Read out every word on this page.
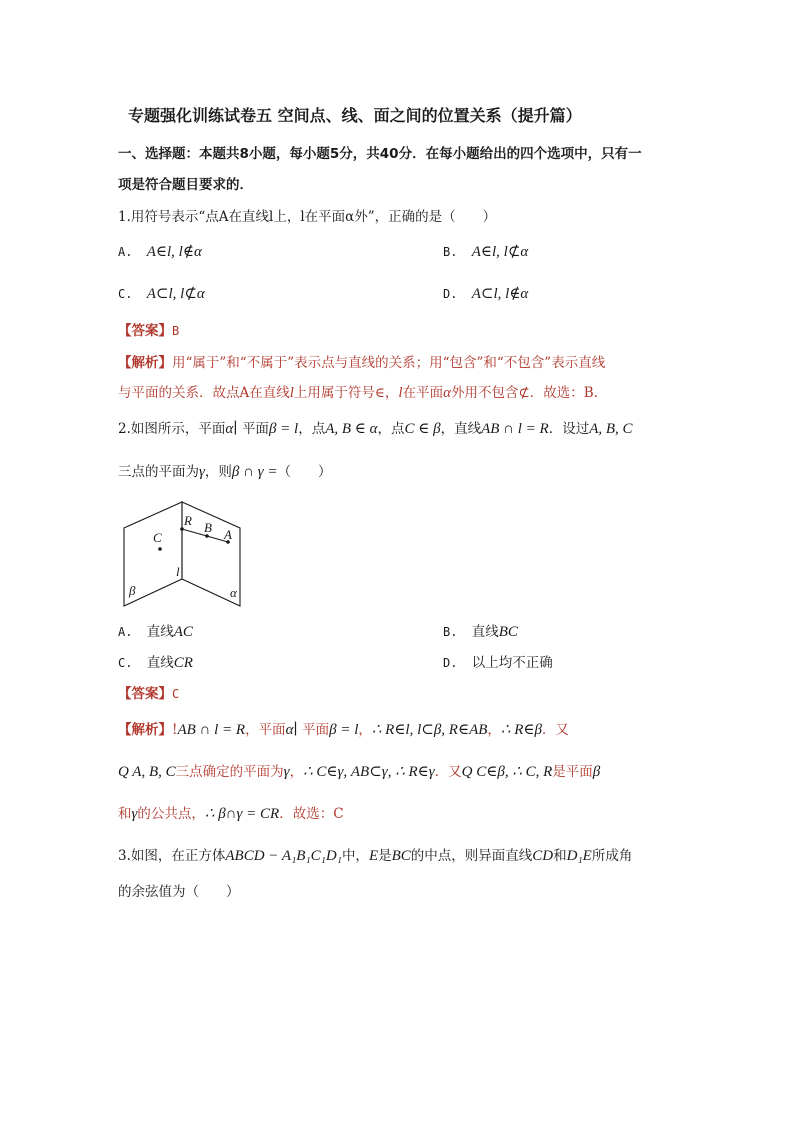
专题强化训练试卷五 空间点、线、面之间的位置关系（提升篇）
一、选择题：本题共8小题，每小题5分，共40分．在每小题给出的四个选项中，只有一
项是符合题目要求的．
1.用符号表示“点A在直线l上，l在平面α外”，正确的是（　　）
A. A∈l, l∉α	B. A∈l, l⊄α
C. A⊂l, l⊄α	D. A⊂l, l∉α
【答案】B
【解析】用“属于”和“不属于”表示点与直线的关系；用“包含”和“不包含”表示直线
与平面的关系．故点A在直线l上用属于符号∈，l在平面α外用不包含⊄．故选：B．
2.如图所示，平面α∣ 平面β = l，点A, B ∈ α，点C ∈ β，直线AB ∩ l = R．设过A, B, C
三点的平面为γ，则β ∩ γ =（　　）
R B A
C
l
β	α
A. 直线AC	B. 直线BC
C. 直线CR	D. 以上均不正确
【答案】C
【解析】!AB ∩ l = R，平面α∣ 平面β = l，∴ R∈l, l⊂β, R∈AB，∴ R∈β．又
Q A, B, C三点确定的平面为γ，∴ C∈γ, AB⊂γ, ∴ R∈γ．又Q C∈β, ∴ C, R是平面β
和γ的公共点，∴ β∩γ = CR．故选：C
3.如图，在正方体ABCD − A₁B₁C₁D₁中，E是BC的中点，则异面直线CD和D₁E所成角
的余弦值为（　　）
